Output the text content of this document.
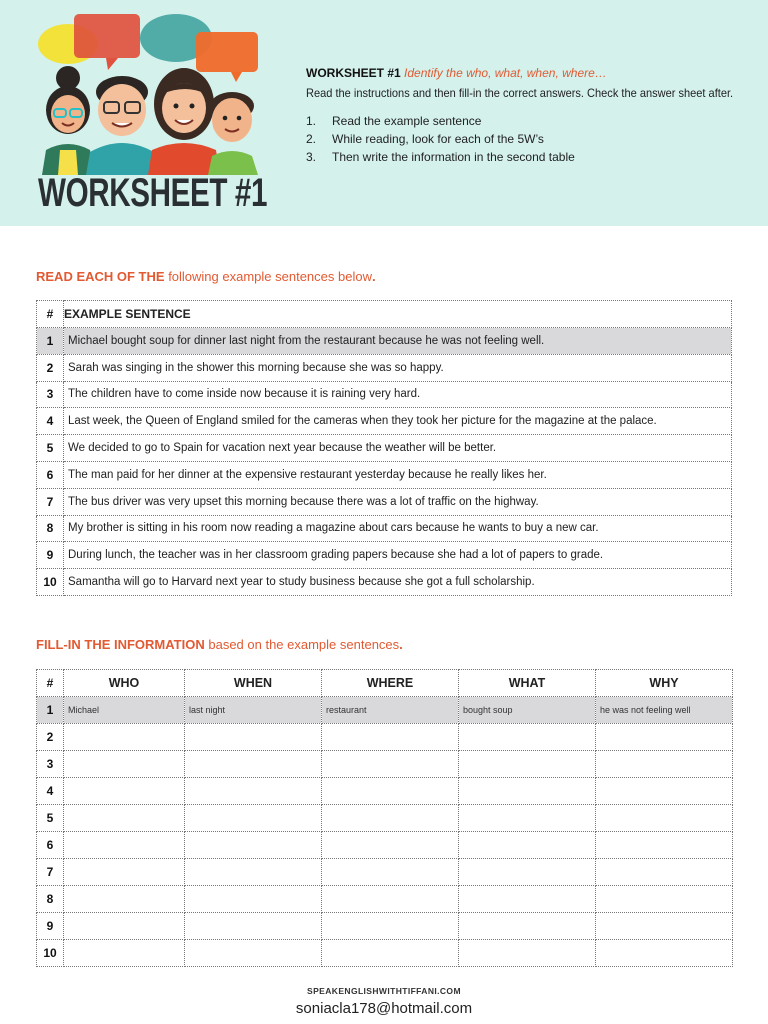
WORKSHEET #1
WORKSHEET #1 Identify the who, what, when, where…
Read the instructions and then fill-in the correct answers. Check the answer sheet after.
1.	Read the example sentence
2.	While reading, look for each of the 5W’s
3.	Then write the information in the second table

READ EACH OF THE following example sentences below.

#	EXAMPLE SENTENCE
1	Michael bought soup for dinner last night from the restaurant because he was not feeling well.
2	Sarah was singing in the shower this morning because she was so happy.
3	The children have to come inside now because it is raining very hard.
4	Last week, the Queen of England smiled for the cameras when they took her picture for the magazine at the palace.
5	We decided to go to Spain for vacation next year because the weather will be better.
6	The man paid for her dinner at the expensive restaurant yesterday because he really likes her.
7	The bus driver was very upset this morning because there was a lot of traffic on the highway.
8	My brother is sitting in his room now reading a magazine about cars because he wants to buy a new car.
9	During lunch, the teacher was in her classroom grading papers because she had a lot of papers to grade.
10	Samantha will go to Harvard next year to study business because she got a full scholarship.

FILL-IN THE INFORMATION based on the example sentences.

#	WHO	WHEN	WHERE	WHAT	WHY
1	Michael	last night	restaurant	bought soup	he was not feeling well
2					
3					
4					
5					
6					
7					
8					
9					
10					

SPEAKENGLISHWITHTIFFANI.COM

soniacla178@hotmail.com
